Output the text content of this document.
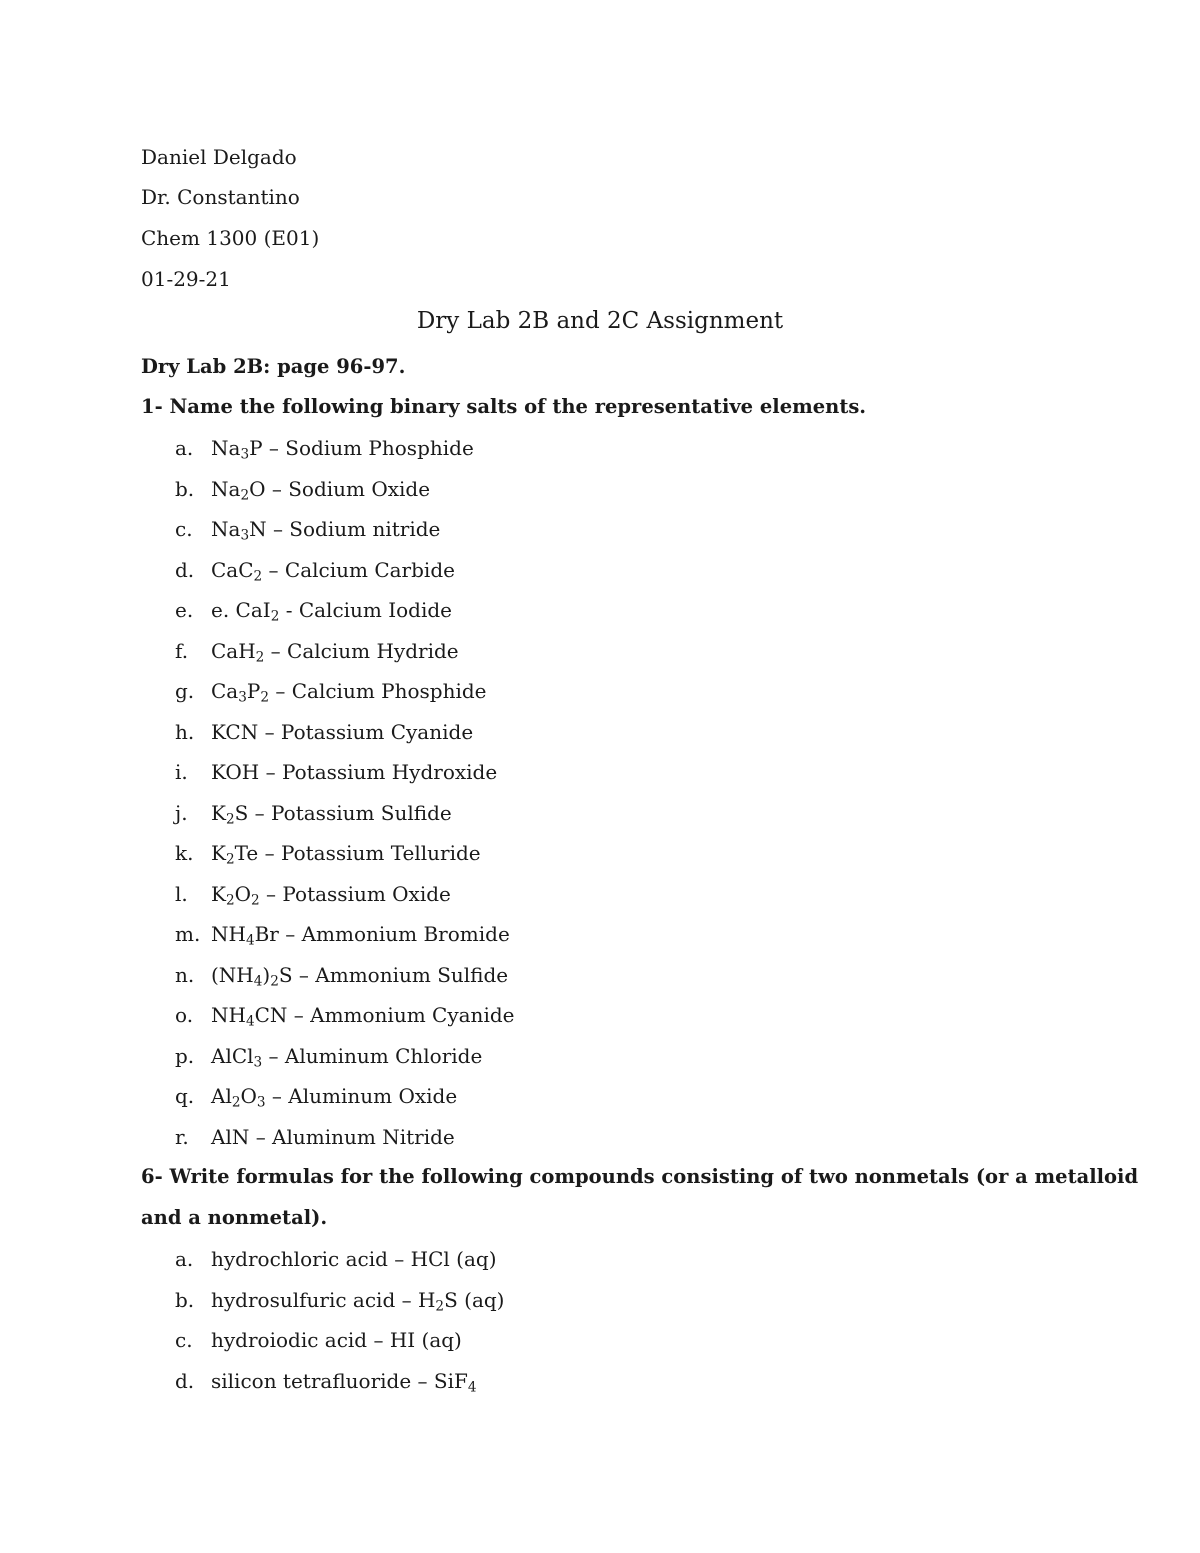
Daniel Delgado
Dr. Constantino
Chem 1300 (E01)
01-29-21
Dry Lab 2B and 2C Assignment
Dry Lab 2B: page 96-97.
1- Name the following binary salts of the representative elements.
a. $Na_3P$ – Sodium Phosphide
b. $Na_2O$ – Sodium Oxide
c. $Na_3N$ – Sodium nitride
d. CaC$_2$ – Calcium Carbide
e. e. CaI$_2$ - Calcium Iodide
f. CaH$_2$ – Calcium Hydride
g. $Ca_3P_2$ – Calcium Phosphide
h. KCN – Potassium Cyanide
i. KOH – Potassium Hydroxide
j. $K_2S$ – Potassium Sulfide
k. $K_2Te$ – Potassium Telluride
l. $K_2O_2$ – Potassium Oxide
m. $NH_4Br$ – Ammonium Bromide
n. $(NH_4)_2S$ – Ammonium Sulfide
o. $NH_4CN$ – Ammonium Cyanide
p. AlCl$_3$ – Aluminum Chloride
q. $Al_2O_3$ – Aluminum Oxide
r. AlN – Aluminum Nitride
6- Write formulas for the following compounds consisting of two nonmetals (or a metalloid
and a nonmetal).
a. hydrochloric acid – HCl (aq)
b. hydrosulfuric acid – $H_2S$ (aq)
c. hydroiodic acid – HI (aq)
d. silicon tetrafluoride – SiF$_4$
